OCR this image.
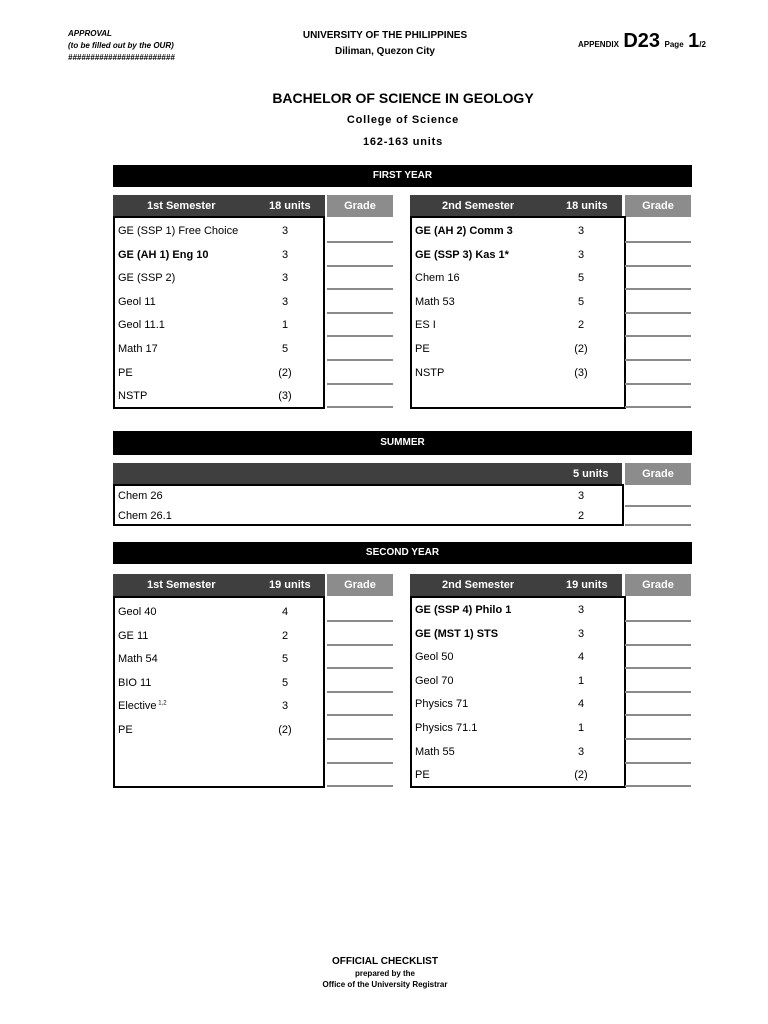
APPROVAL
(to be filled out by the OUR)
########################
UNIVERSITY OF THE PHILIPPINES
Diliman, Quezon City
APPENDIX D23 Page 1/2
BACHELOR OF SCIENCE IN GEOLOGY
College of Science
162-163 units
FIRST YEAR
1st Semester	18 units	Grade
GE (SSP 1) Free Choice	3
GE (AH 1) Eng 10	3
GE (SSP 2)	3
Geol 11	3
Geol 11.1	1
Math 17	5
PE	(2)
NSTP	(3)
2nd Semester	18 units	Grade
GE (AH 2) Comm 3	3
GE (SSP 3) Kas 1*	3
Chem 16	5
Math 53	5
ES I	2
PE	(2)
NSTP	(3)
SUMMER
5 units	Grade
Chem 26	3
Chem 26.1	2
SECOND YEAR
1st Semester	19 units	Grade
Geol 40	4
GE 11	2
Math 54	5
BIO 11	5
Elective $^{1,2}$	3
PE	(2)
2nd Semester	19 units	Grade
GE (SSP 4) Philo 1	3
GE (MST 1) STS	3
Geol 50	4
Geol 70	1
Physics 71	4
Physics 71.1	1
Math 55	3
PE	(2)
OFFICIAL CHECKLIST
prepared by the
Office of the University Registrar
